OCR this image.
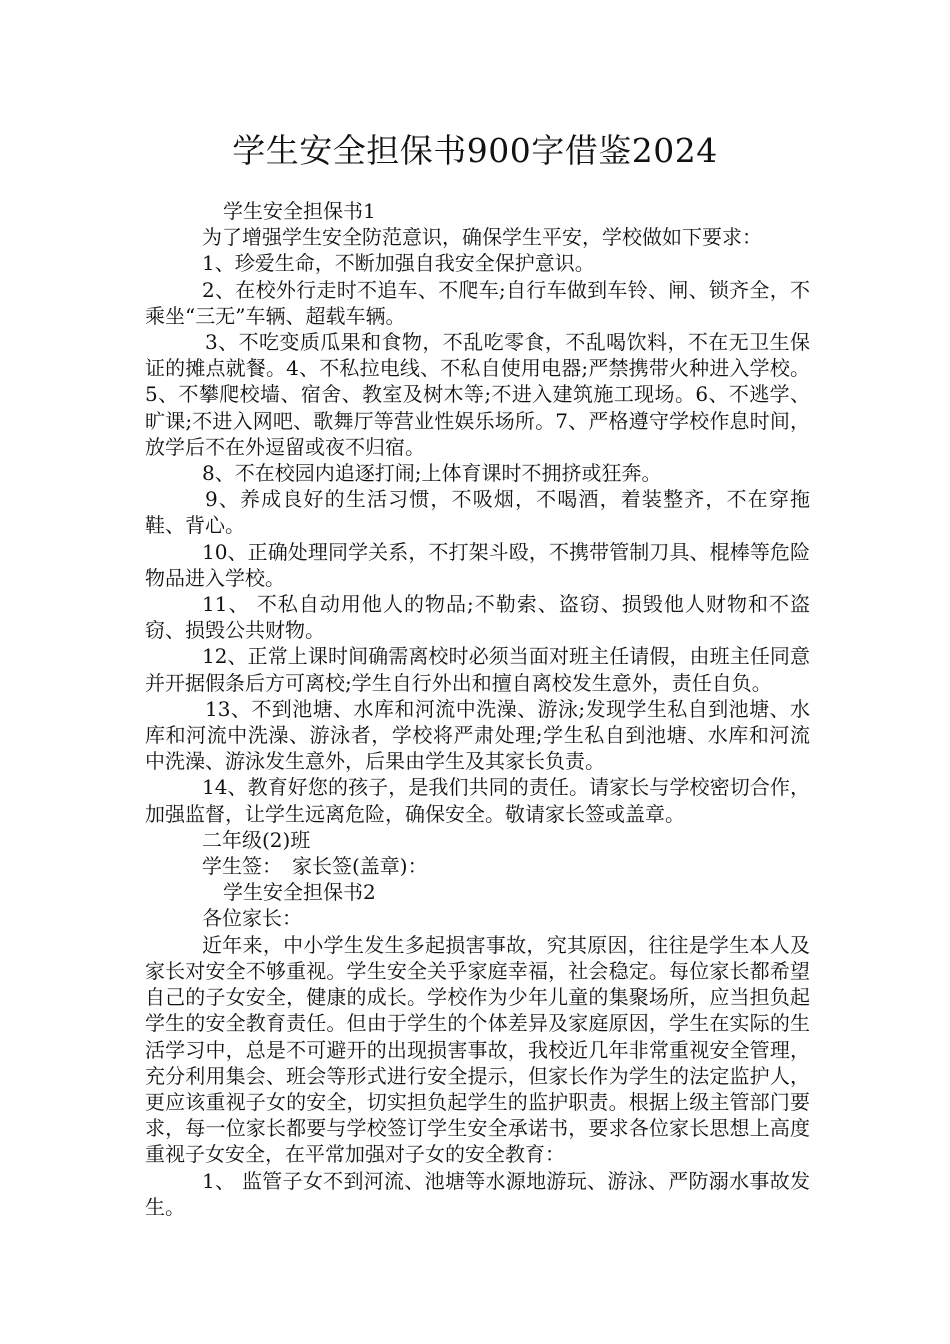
学生安全担保书900字借鉴2024

学生安全担保书1

为了增强学生安全防范意识，确保学生平安，学校做如下要求：

1、珍爱生命，不断加强自我安全保护意识。

2、在校外行走时不追车、不爬车;自行车做到车铃、闸、锁齐全，不乘坐“三无”车辆、超载车辆。

3、不吃变质瓜果和食物，不乱吃零食，不乱喝饮料，不在无卫生保证的摊点就餐。4、不私拉电线、不私自使用电器;严禁携带火种进入学校。5、不攀爬校墙、宿舍、教室及树木等;不进入建筑施工现场。6、不逃学、旷课;不进入网吧、歌舞厅等营业性娱乐场所。7、严格遵守学校作息时间，放学后不在外逗留或夜不归宿。

8、不在校园内追逐打闹;上体育课时不拥挤或狂奔。

9、养成良好的生活习惯，不吸烟，不喝酒，着装整齐，不在穿拖鞋、背心。

10、正确处理同学关系，不打架斗殴，不携带管制刀具、棍棒等危险物品进入学校。

11、 不私自动用他人的物品;不勒索、盗窃、损毁他人财物和不盗窃、损毁公共财物。

12、正常上课时间确需离校时必须当面对班主任请假，由班主任同意并开据假条后方可离校;学生自行外出和擅自离校发生意外，责任自负。

13、不到池塘、水库和河流中洗澡、游泳;发现学生私自到池塘、水库和河流中洗澡、游泳者，学校将严肃处理;学生私自到池塘、水库和河流中洗澡、游泳发生意外，后果由学生及其家长负责。

14、教育好您的孩子，是我们共同的责任。请家长与学校密切合作，加强监督，让学生远离危险，确保安全。敬请家长签或盖章。

二年级(2)班

学生签：　家长签(盖章)：

学生安全担保书2

各位家长：

近年来，中小学生发生多起损害事故，究其原因，往往是学生本人及家长对安全不够重视。学生安全关乎家庭幸福，社会稳定。每位家长都希望自己的子女安全，健康的成长。学校作为少年儿童的集聚场所，应当担负起学生的安全教育责任。但由于学生的个体差异及家庭原因，学生在实际的生活学习中，总是不可避开的出现损害事故，我校近几年非常重视安全管理，充分利用集会、班会等形式进行安全提示，但家长作为学生的法定监护人，更应该重视子女的安全，切实担负起学生的监护职责。根据上级主管部门要求，每一位家长都要与学校签订学生安全承诺书，要求各位家长思想上高度重视子女安全，在平常加强对子女的安全教育：

1、 监管子女不到河流、池塘等水源地游玩、游泳、严防溺水事故发生。
